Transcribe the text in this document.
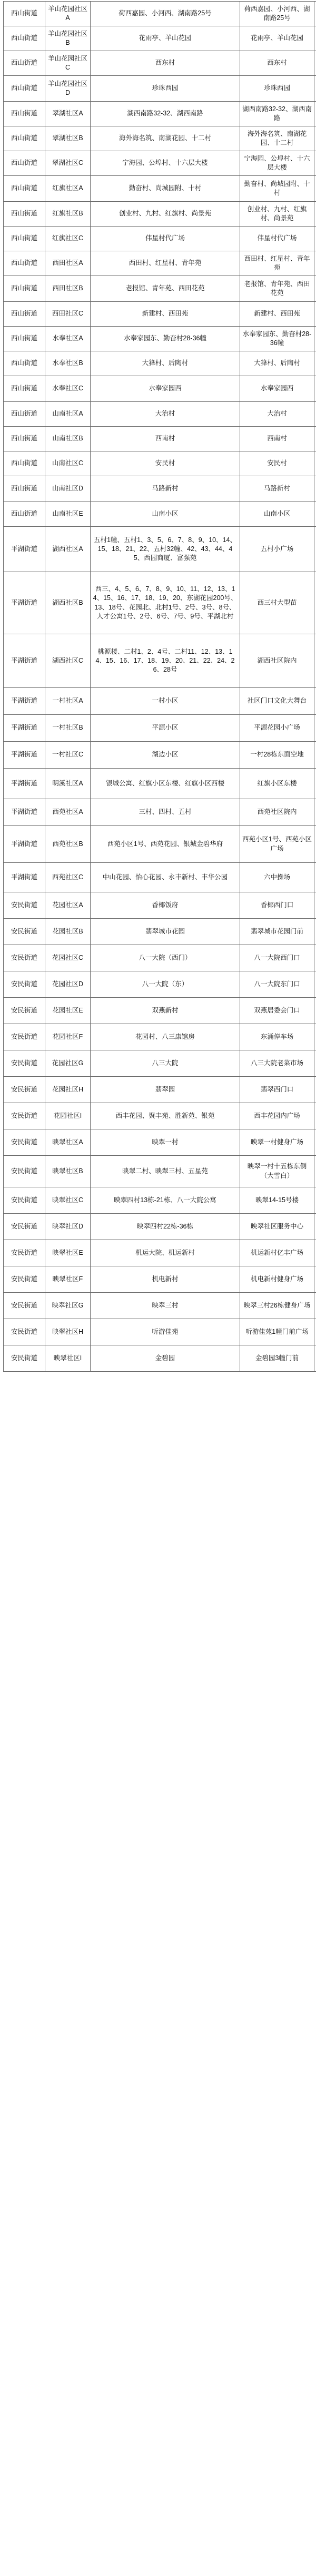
西山街道	羊山花园社区A	荷西嘉园、小河西、湖南路25号	荷西嘉园、小河西、湖南路25号	
西山街道	羊山花园社区B	花雨亭、羊山花园	花雨亭、羊山花园	
西山街道	羊山花园社区C	西东村	西东村	
西山街道	羊山花园社区D	珍珠西园	珍珠西园	
西山街道	翠湖社区A	湖西南路32-32、湖西南路	湖西南路32-32、湖西南路	
西山街道	翠湖社区B	海外海名筑、南湖花园、十二村	海外海名筑、南湖花园、十二村	
西山街道	翠湖社区C	宁海园、公埠村、十六层大楼	宁海园、公埠村、十六层大楼	
西山街道	红旗社区A	勤奋村、尚城园附、十村	勤奋村、尚城园附、十村	
西山街道	红旗社区B	创业村、九村、红旗村、尚景苑	创业村、九村、红旗村、尚景苑	
西山街道	红旗社区C	伟星村代广场	伟星村代广场	
西山街道	西田社区A	西田村、红星村、青年苑	西田村、红星村、青年苑	
西山街道	西田社区B	老报馆、青年苑、西田花苑	老报馆、青年苑、西田花苑	
西山街道	西田社区C	新建村、西田苑	新建村、西田苑	
西山街道	水奉社区A	水奉家园东、勤奋村28-36幢	水奉家园东、勤奋村28-36幢	
西山街道	水奉社区B	大箨村、后陶村	大箨村、后陶村	
西山街道	水奉社区C	水奉家园西	水奉家园西	
西山街道	山南社区A	大治村	大治村	
西山街道	山南社区B	西南村	西南村	
西山街道	山南社区C	安民村	安民村	
西山街道	山南社区D	马路新村	马路新村	
西山街道	山南社区E	山南小区	山南小区	
平湖街道	湖西社区A	五村1幢、五村1、3、5、6、7、8、9、10、14、15、18、21、22、五村32幢、42、43、44、45、西园商厦、富强苑	五村小广场	
平湖街道	湖西社区B	西三、4、5、6、7、8、9、10、11、12、13、14、15、16、17、18、19、20、东湖花园200号、13、18号、花园北、北村1号、2号、3号、8号、人才公寓1号、2号、6号、7号、9号、平湖北村	西三村大型苗	
平湖街道	湖西社区C	桃源楼、二村1、2、4号、二村11、12、13、14、15、16、17、18、19、20、21、22、24、26、28号	湖西社区院内	
平湖街道	一村社区A	一村小区	社区门口文化大舞台	
平湖街道	一村社区B	平源小区	平源花园小广场	
平湖街道	一村社区C	湖边小区	一村28栋东面空地	
平湖街道	明溪社区A	银城公寓、红旗小区东楼、红旗小区西楼	红旗小区东楼	
平湖街道	西苑社区A	三村、四村、五村	西苑社区院内	
平湖街道	西苑社区B	西苑小区1号、西苑花园、银城金碧华府	西苑小区1号、西苑小区广场	
平湖街道	西苑社区C	中山花园、怡心花园、永丰新村、丰华公园	六中操场	
安民街道	花园社区A	香椰饭府	香椰西门口	
安民街道	花园社区B	翡翠城市花园	翡翠城市花园门前	
安民街道	花园社区C	八一大院（西门）	八一大院西门口	
安民街道	花园社区D	八一大院（东）	八一大院东门口	
安民街道	花园社区E	双燕新村	双燕居委会门口	
安民街道	花园社区F	花园村、八三康馆房	东涌停车场	
安民街道	花园社区G	八三大院	八三大院老菜市场	
安民街道	花园社区H	翡翠园	翡翠西门口	
安民街道	花园社区I	西丰花园、聚丰苑、胜新苑、银苑	西丰花园内广场	
安民街道	映翠社区A	映翠一村	映翠一村健身广场	
安民街道	映翠社区B	映翠二村、映翠三村、五星苑	映翠一村十五栋东侧（大雪白）	
安民街道	映翠社区C	映翠四村13栋-21栋、八一大院公寓	映翠14-15号楼	
安民街道	映翠社区D	映翠四村22栋-36栋	映翠社区服务中心	
安民街道	映翠社区E	机运大院、机运新村	机运新村亿丰广场	
安民街道	映翠社区F	机电新村	机电新村健身广场	
安民街道	映翠社区G	映翠三村	映翠三村26栋健身广场	
安民街道	映翠社区H	听游佳苑	听游佳苑1幢门前广场	
安民街道	映翠社区I	金碧园	金碧园3幢门前	
